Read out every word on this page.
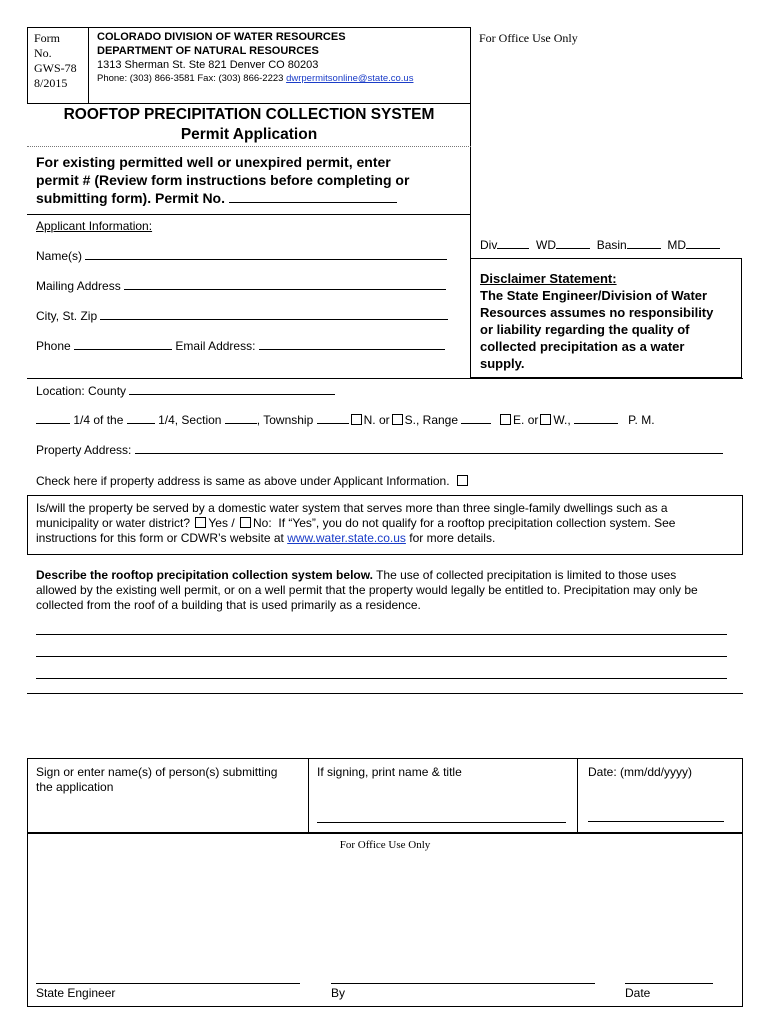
Form
No.
GWS-78
8/2015
COLORADO DIVISION OF WATER RESOURCES
DEPARTMENT OF NATURAL RESOURCES
1313 Sherman St. Ste 821 Denver CO 80203
Phone: (303) 866-3581 Fax: (303) 866-2223 dwrpermitsonline@state.co.us
For Office Use Only
ROOFTOP PRECIPITATION COLLECTION SYSTEM
Permit Application
For existing permitted well or unexpired permit, enter
permit # (Review form instructions before completing or
submitting form). Permit No.
Applicant Information:
Name(s)
Mailing Address
City, St. Zip
Phone	Email Address:
Div	WD	Basin	MD
Disclaimer Statement:
The State Engineer/Division of Water
Resources assumes no responsibility
or liability regarding the quality of
collected precipitation as a water
supply.
Location: County
1/4 of the	1/4, Section	, Township	N. or S., Range	E. or W.,	P. M.
Property Address:
Check here if property address is same as above under Applicant Information.
Is/will the property be served by a domestic water system that serves more than three single-family dwellings such as a
municipality or water district? Yes / No: If “Yes”, you do not qualify for a rooftop precipitation collection system. See
instructions for this form or CDWR’s website at www.water.state.co.us for more details.
Describe the rooftop precipitation collection system below. The use of collected precipitation is limited to those uses
allowed by the existing well permit, or on a well permit that the property would legally be entitled to. Precipitation may only be
collected from the roof of a building that is used primarily as a residence.
Sign or enter name(s) of person(s) submitting
the application
If signing, print name & title	Date: (mm/dd/yyyy)
For Office Use Only
State Engineer	By	Date
